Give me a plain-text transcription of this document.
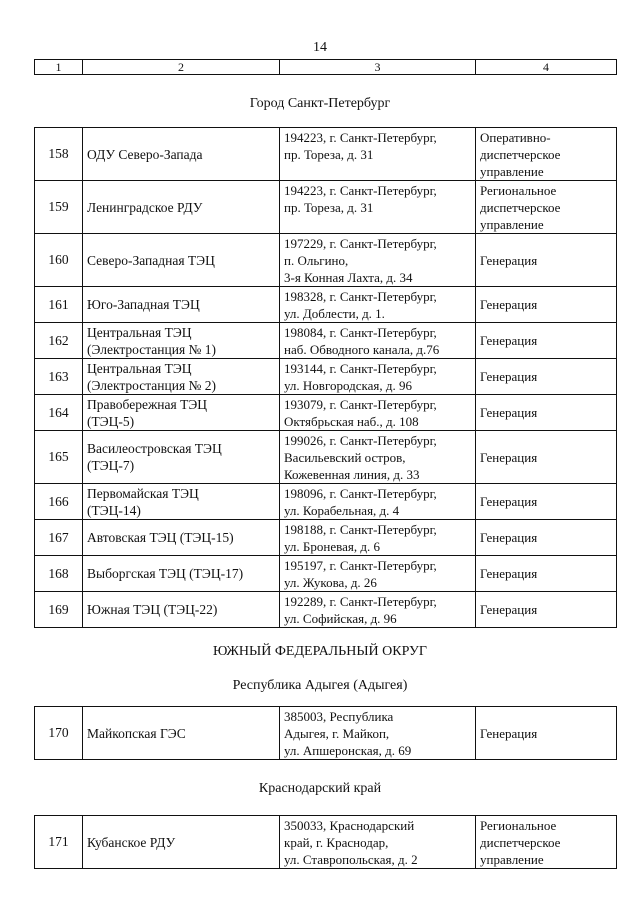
14
1	2	3	4
Город Санкт-Петербург
158	ОДУ Северо-Запада	194223, г. Санкт-Петербург,
пр. Тореза, д. 31	Оперативно-
диспетчерское
управление
159	Ленинградское РДУ	194223, г. Санкт-Петербург,
пр. Тореза, д. 31	Региональное
диспетчерское
управление
160	Северо-Западная ТЭЦ	197229, г. Санкт-Петербург,
п. Ольгино,
3-я Конная Лахта, д. 34	Генерация
161	Юго-Западная ТЭЦ	198328, г. Санкт-Петербург,
ул. Доблести, д. 1.	Генерация
162	Центральная ТЭЦ
(Электростанция № 1)	198084, г. Санкт-Петербург,
наб. Обводного канала, д.76	Генерация
163	Центральная ТЭЦ
(Электростанция № 2)	193144, г. Санкт-Петербург,
ул. Новгородская, д. 96	Генерация
164	Правобережная ТЭЦ
(ТЭЦ-5)	193079, г. Санкт-Петербург,
Октябрьская наб., д. 108	Генерация
165	Василеостровская ТЭЦ
(ТЭЦ-7)	199026, г. Санкт-Петербург,
Васильевский остров,
Кожевенная линия, д. 33	Генерация
166	Первомайская ТЭЦ
(ТЭЦ-14)	198096, г. Санкт-Петербург,
ул. Корабельная, д. 4	Генерация
167	Автовская ТЭЦ (ТЭЦ-15)	198188, г. Санкт-Петербург,
ул. Броневая, д. 6	Генерация
168	Выборгская ТЭЦ (ТЭЦ-17)	195197, г. Санкт-Петербург,
ул. Жукова, д. 26	Генерация
169	Южная ТЭЦ (ТЭЦ-22)	192289, г. Санкт-Петербург,
ул. Софийская, д. 96	Генерация
ЮЖНЫЙ ФЕДЕРАЛЬНЫЙ ОКРУГ
Республика Адыгея (Адыгея)
170	Майкопская ГЭС	385003, Республика
Адыгея, г. Майкоп,
ул. Апшеронская, д. 69	Генерация
Краснодарский край
171	Кубанское РДУ	350033, Краснодарский
край, г. Краснодар,
ул. Ставропольская, д. 2	Региональное
диспетчерское
управление
